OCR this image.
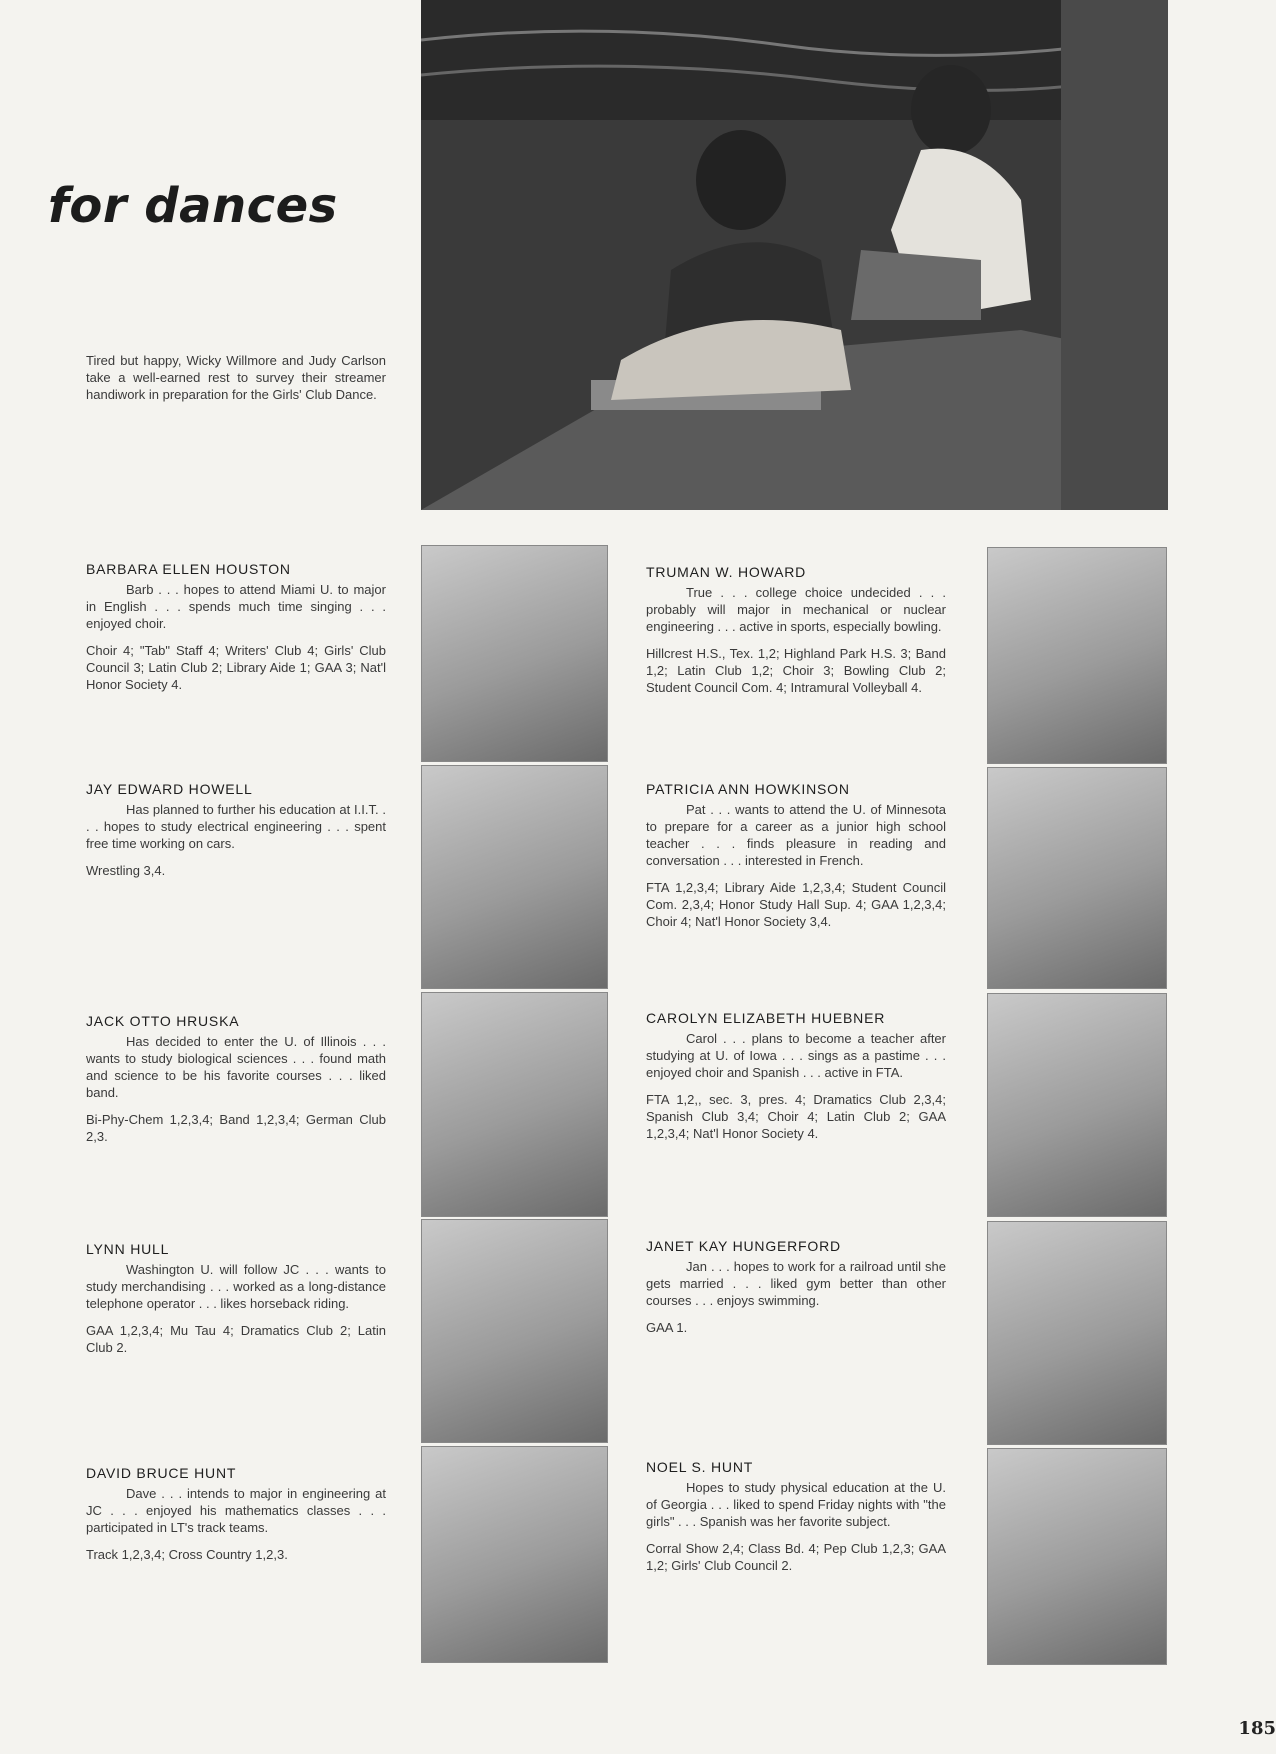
for dances

Tired but happy, Wicky Willmore and Judy Carlson take a well-earned rest to survey their streamer handiwork in preparation for the Girls' Club Dance.

BARBARA ELLEN HOUSTON

Barb . . . hopes to attend Miami U. to major in English . . . spends much time singing . . . enjoyed choir.

Choir 4; "Tab" Staff 4; Writers' Club 4; Girls' Club Council 3; Latin Club 2; Library Aide 1; GAA 3; Nat'l Honor Society 4.

JAY EDWARD HOWELL

Has planned to further his education at I.I.T. . . . hopes to study electrical engineering . . . spent free time working on cars.

Wrestling 3,4.

JACK OTTO HRUSKA

Has decided to enter the U. of Illinois . . . wants to study biological sciences . . . found math and science to be his favorite courses . . . liked band.

Bi-Phy-Chem 1,2,3,4; Band 1,2,3,4; German Club 2,3.

LYNN HULL

Washington U. will follow JC . . . wants to study merchandising . . . worked as a long-distance telephone operator . . . likes horseback riding.

GAA 1,2,3,4; Mu Tau 4; Dramatics Club 2; Latin Club 2.

DAVID BRUCE HUNT

Dave . . . intends to major in engineering at JC . . . enjoyed his mathematics classes . . . participated in LT's track teams.

Track 1,2,3,4; Cross Country 1,2,3.

TRUMAN W. HOWARD

True . . . college choice undecided . . . probably will major in mechanical or nuclear engineering . . . active in sports, especially bowling.

Hillcrest H.S., Tex. 1,2; Highland Park H.S. 3; Band 1,2; Latin Club 1,2; Choir 3; Bowling Club 2; Student Council Com. 4; Intramural Volleyball 4.

PATRICIA ANN HOWKINSON

Pat . . . wants to attend the U. of Minnesota to prepare for a career as a junior high school teacher . . . finds pleasure in reading and conversation . . . interested in French.

FTA 1,2,3,4; Library Aide 1,2,3,4; Student Council Com. 2,3,4; Honor Study Hall Sup. 4; GAA 1,2,3,4; Choir 4; Nat'l Honor Society 3,4.

CAROLYN ELIZABETH HUEBNER

Carol . . . plans to become a teacher after studying at U. of Iowa . . . sings as a pastime . . . enjoyed choir and Spanish . . . active in FTA.

FTA 1,2,, sec. 3, pres. 4; Dramatics Club 2,3,4; Spanish Club 3,4; Choir 4; Latin Club 2; GAA 1,2,3,4; Nat'l Honor Society 4.

JANET KAY HUNGERFORD

Jan . . . hopes to work for a railroad until she gets married . . . liked gym better than other courses . . . enjoys swimming.

GAA 1.

NOEL S. HUNT

Hopes to study physical education at the U. of Georgia . . . liked to spend Friday nights with "the girls" . . . Spanish was her favorite subject.

Corral Show 2,4; Class Bd. 4; Pep Club 1,2,3; GAA 1,2; Girls' Club Council 2.

185
